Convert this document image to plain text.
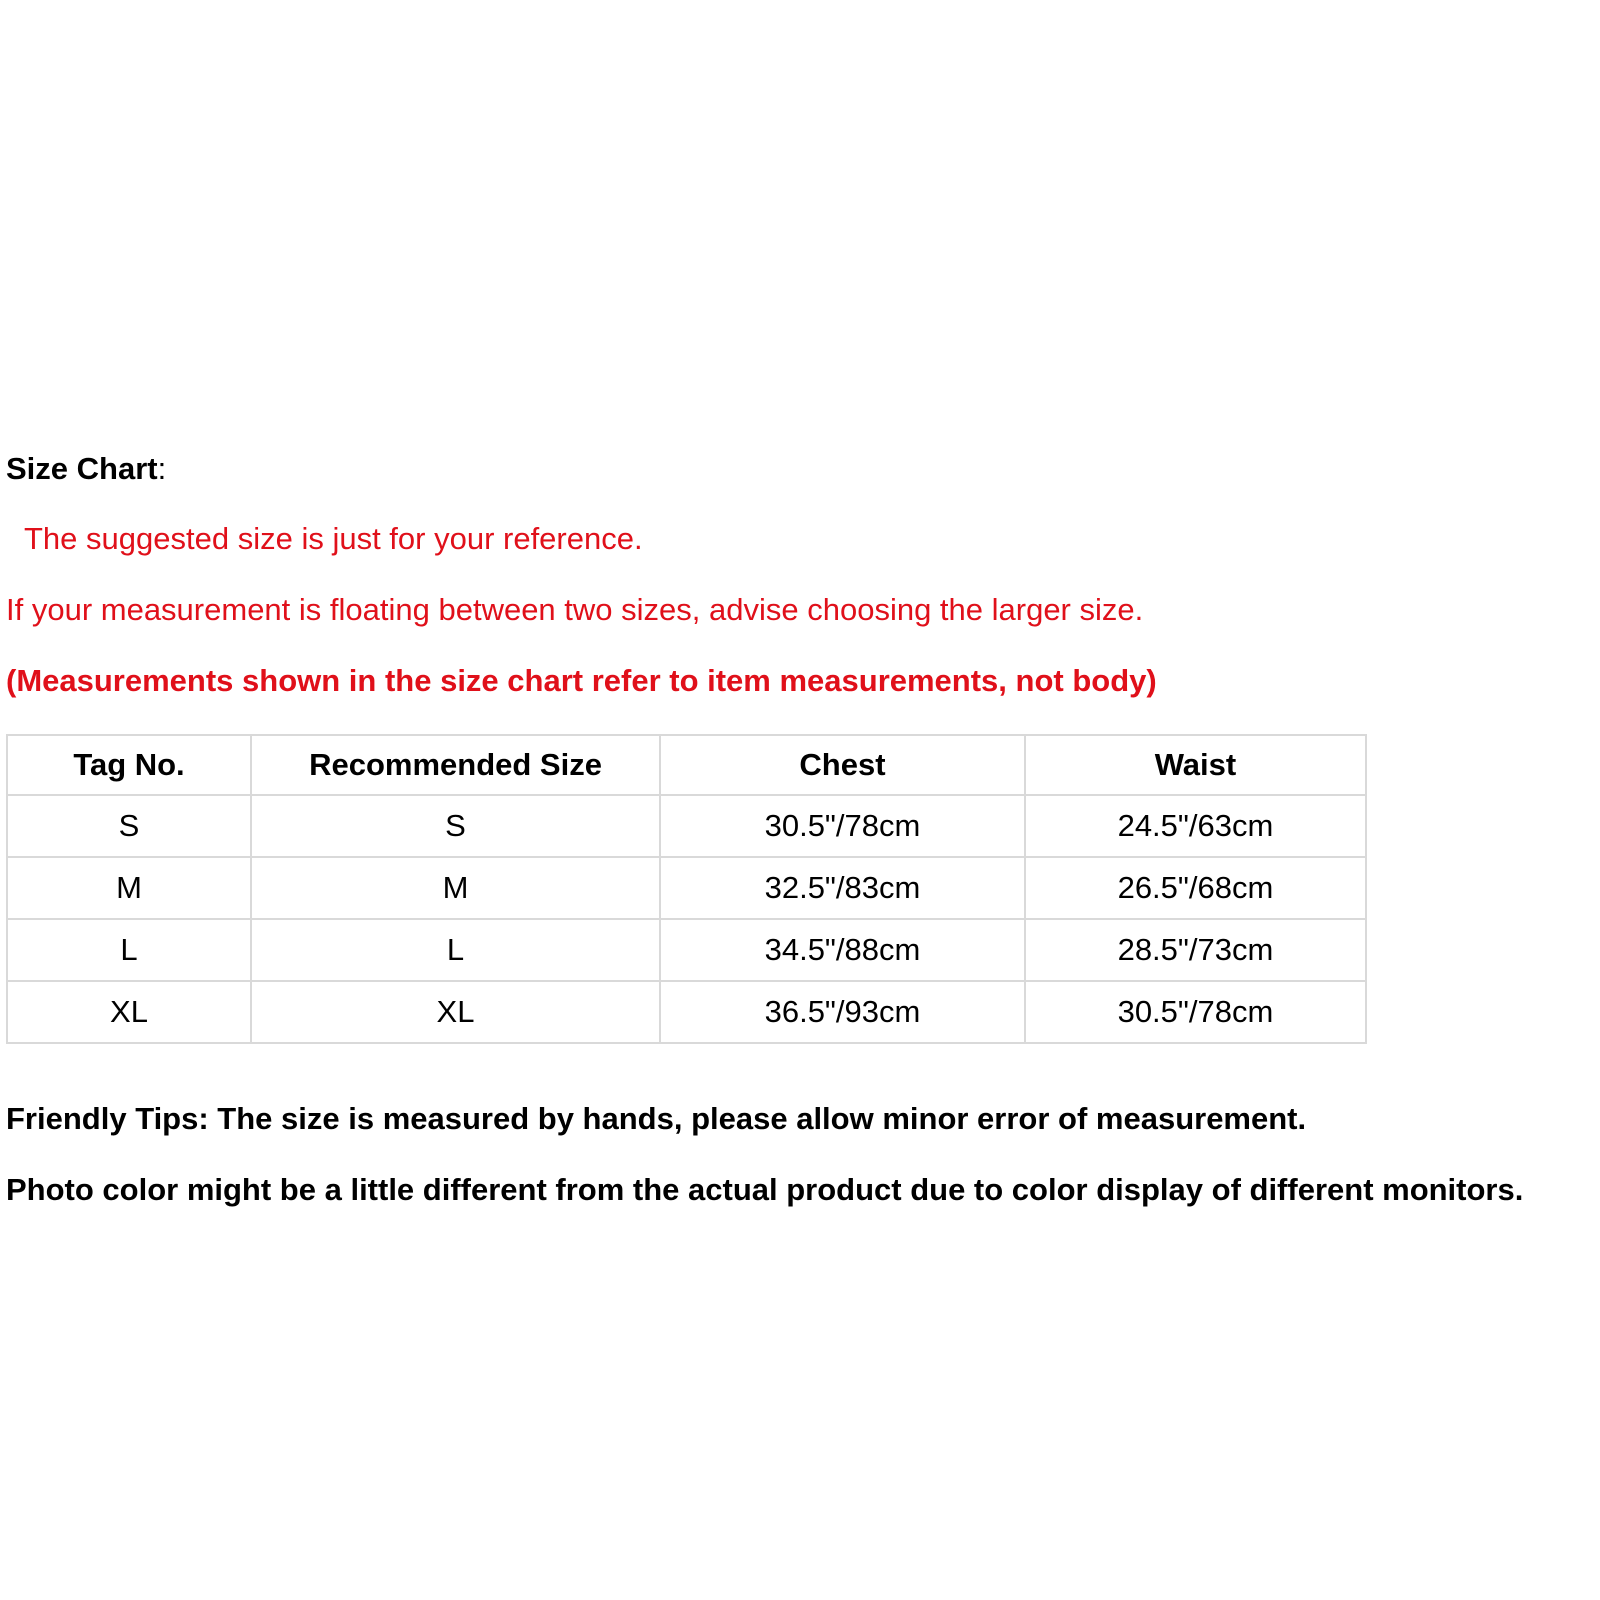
Size Chart:
The suggested size is just for your reference.
If your measurement is floating between two sizes, advise choosing the larger size.
(Measurements shown in the size chart refer to item measurements, not body)
Tag No.	Recommended Size	Chest	Waist
S	S	30.5"/78cm	24.5"/63cm
M	M	32.5"/83cm	26.5"/68cm
L	L	34.5"/88cm	28.5"/73cm
XL	XL	36.5"/93cm	30.5"/78cm
Friendly Tips: The size is measured by hands, please allow minor error of measurement.
Photo color might be a little different from the actual product due to color display of different monitors.
